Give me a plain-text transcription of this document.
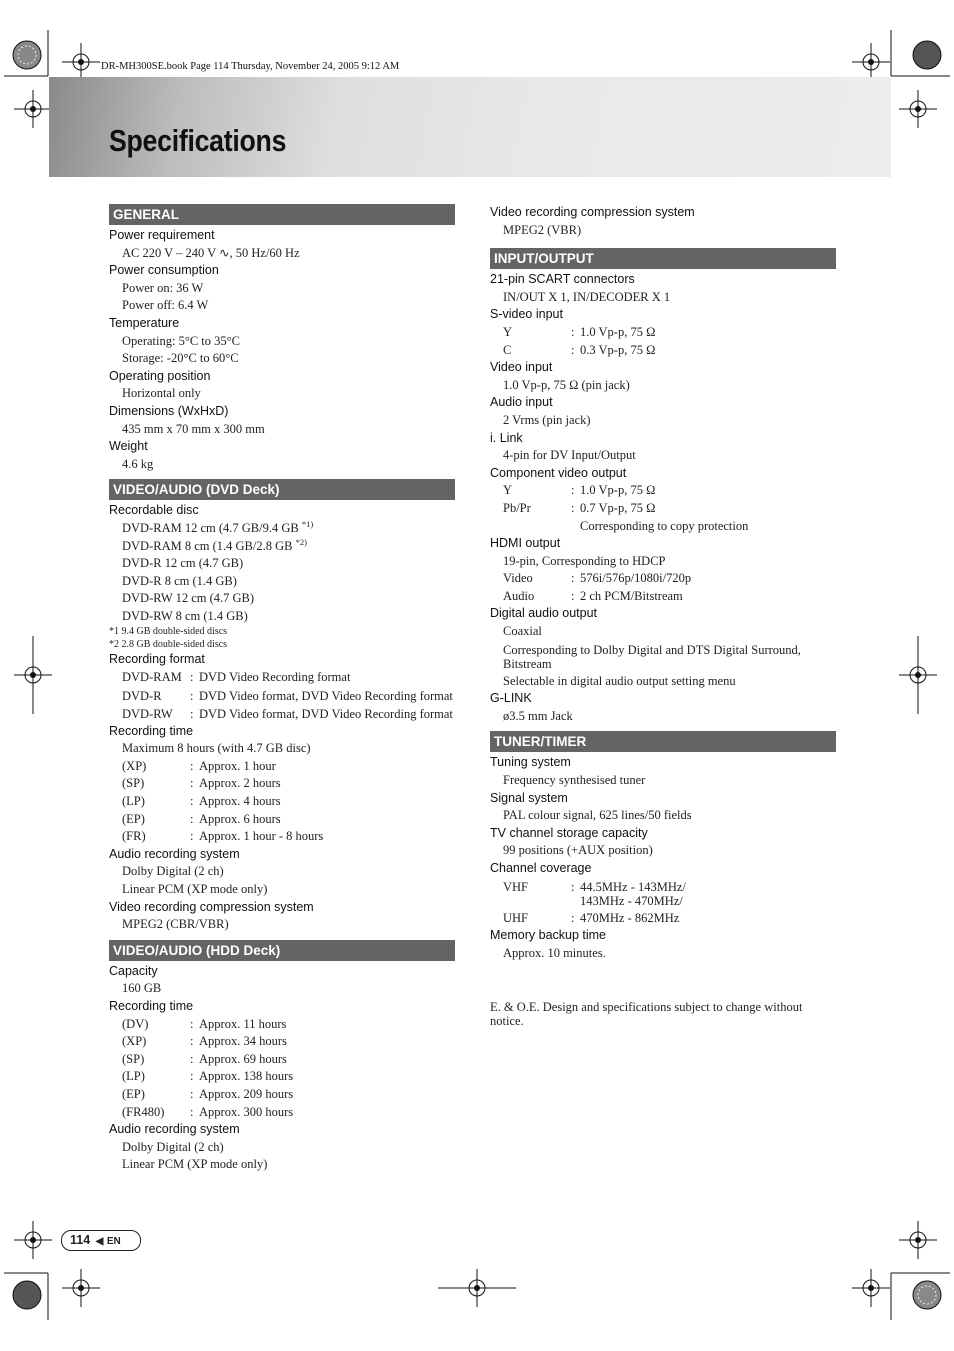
DR-MH300SE.book Page 114 Thursday, November 24, 2005 9:12 AM
Specifications
GENERAL
Power requirement
AC 220 V – 240 V ∿, 50 Hz/60 Hz
Power consumption
Power on: 36 W
Power off: 6.4 W
Temperature
Operating: 5°C to 35°C
Storage: -20°C to 60°C
Operating position
Horizontal only
Dimensions (WxHxD)
435 mm x 70 mm x 300 mm
Weight
4.6 kg
VIDEO/AUDIO (DVD Deck)
Recordable disc
DVD-RAM 12 cm (4.7 GB/9.4 GB $^{*1)}$
DVD-RAM 8 cm (1.4 GB/2.8 GB $^{*2)}$
DVD-R 12 cm (4.7 GB)
DVD-R 8 cm (1.4 GB)
DVD-RW 12 cm (4.7 GB)
DVD-RW 8 cm (1.4 GB)
*1 9.4 GB double-sided discs
*2 2.8 GB double-sided discs
Recording format
DVD-RAM : DVD Video Recording format
DVD-R	: DVD Video format, DVD Video Recording format
DVD-RW	: DVD Video format, DVD Video Recording format
Recording time
Maximum 8 hours (with 4.7 GB disc)
(XP)	: Approx. 1 hour
(SP)	: Approx. 2 hours
(LP)	: Approx. 4 hours
(EP)	: Approx. 6 hours
(FR)	: Approx. 1 hour - 8 hours
Audio recording system
Dolby Digital (2 ch)
Linear PCM (XP mode only)
Video recording compression system
MPEG2 (CBR/VBR)
VIDEO/AUDIO (HDD Deck)
Capacity
160 GB
Recording time
(DV)	: Approx. 11 hours
(XP)	: Approx. 34 hours
(SP)	: Approx. 69 hours
(LP)	: Approx. 138 hours
(EP)	: Approx. 209 hours
(FR480)	: Approx. 300 hours
Audio recording system
Dolby Digital (2 ch)
Linear PCM (XP mode only)
Video recording compression system
MPEG2 (VBR)
INPUT/OUTPUT
21-pin SCART connectors
IN/OUT X 1, IN/DECODER X 1
S-video input
Y	: 1.0 Vp-p, 75 Ω
C	: 0.3 Vp-p, 75 Ω
Video input
1.0 Vp-p, 75 Ω (pin jack)
Audio input
2 Vrms (pin jack)
i. Link
4-pin for DV Input/Output
Component video output
Y	: 1.0 Vp-p, 75 Ω
Pb/Pr	: 0.7 Vp-p, 75 Ω
Corresponding to copy protection
HDMI output
19-pin, Corresponding to HDCP
Video	: 576i/576p/1080i/720p
Audio	: 2 ch PCM/Bitstream
Digital audio output
Coaxial
Corresponding to Dolby Digital and DTS Digital Surround, Bitstream
Selectable in digital audio output setting menu
G-LINK
ø3.5 mm Jack
TUNER/TIMER
Tuning system
Frequency synthesised tuner
Signal system
PAL colour signal, 625 lines/50 fields
TV channel storage capacity
99 positions (+AUX position)
Channel coverage
VHF	: 44.5MHz - 143MHz/ 143MHz - 470MHz/
UHF	: 470MHz - 862MHz
Memory backup time
Approx. 10 minutes.
E. & O.E. Design and specifications subject to change without notice.
114 ◀ EN
